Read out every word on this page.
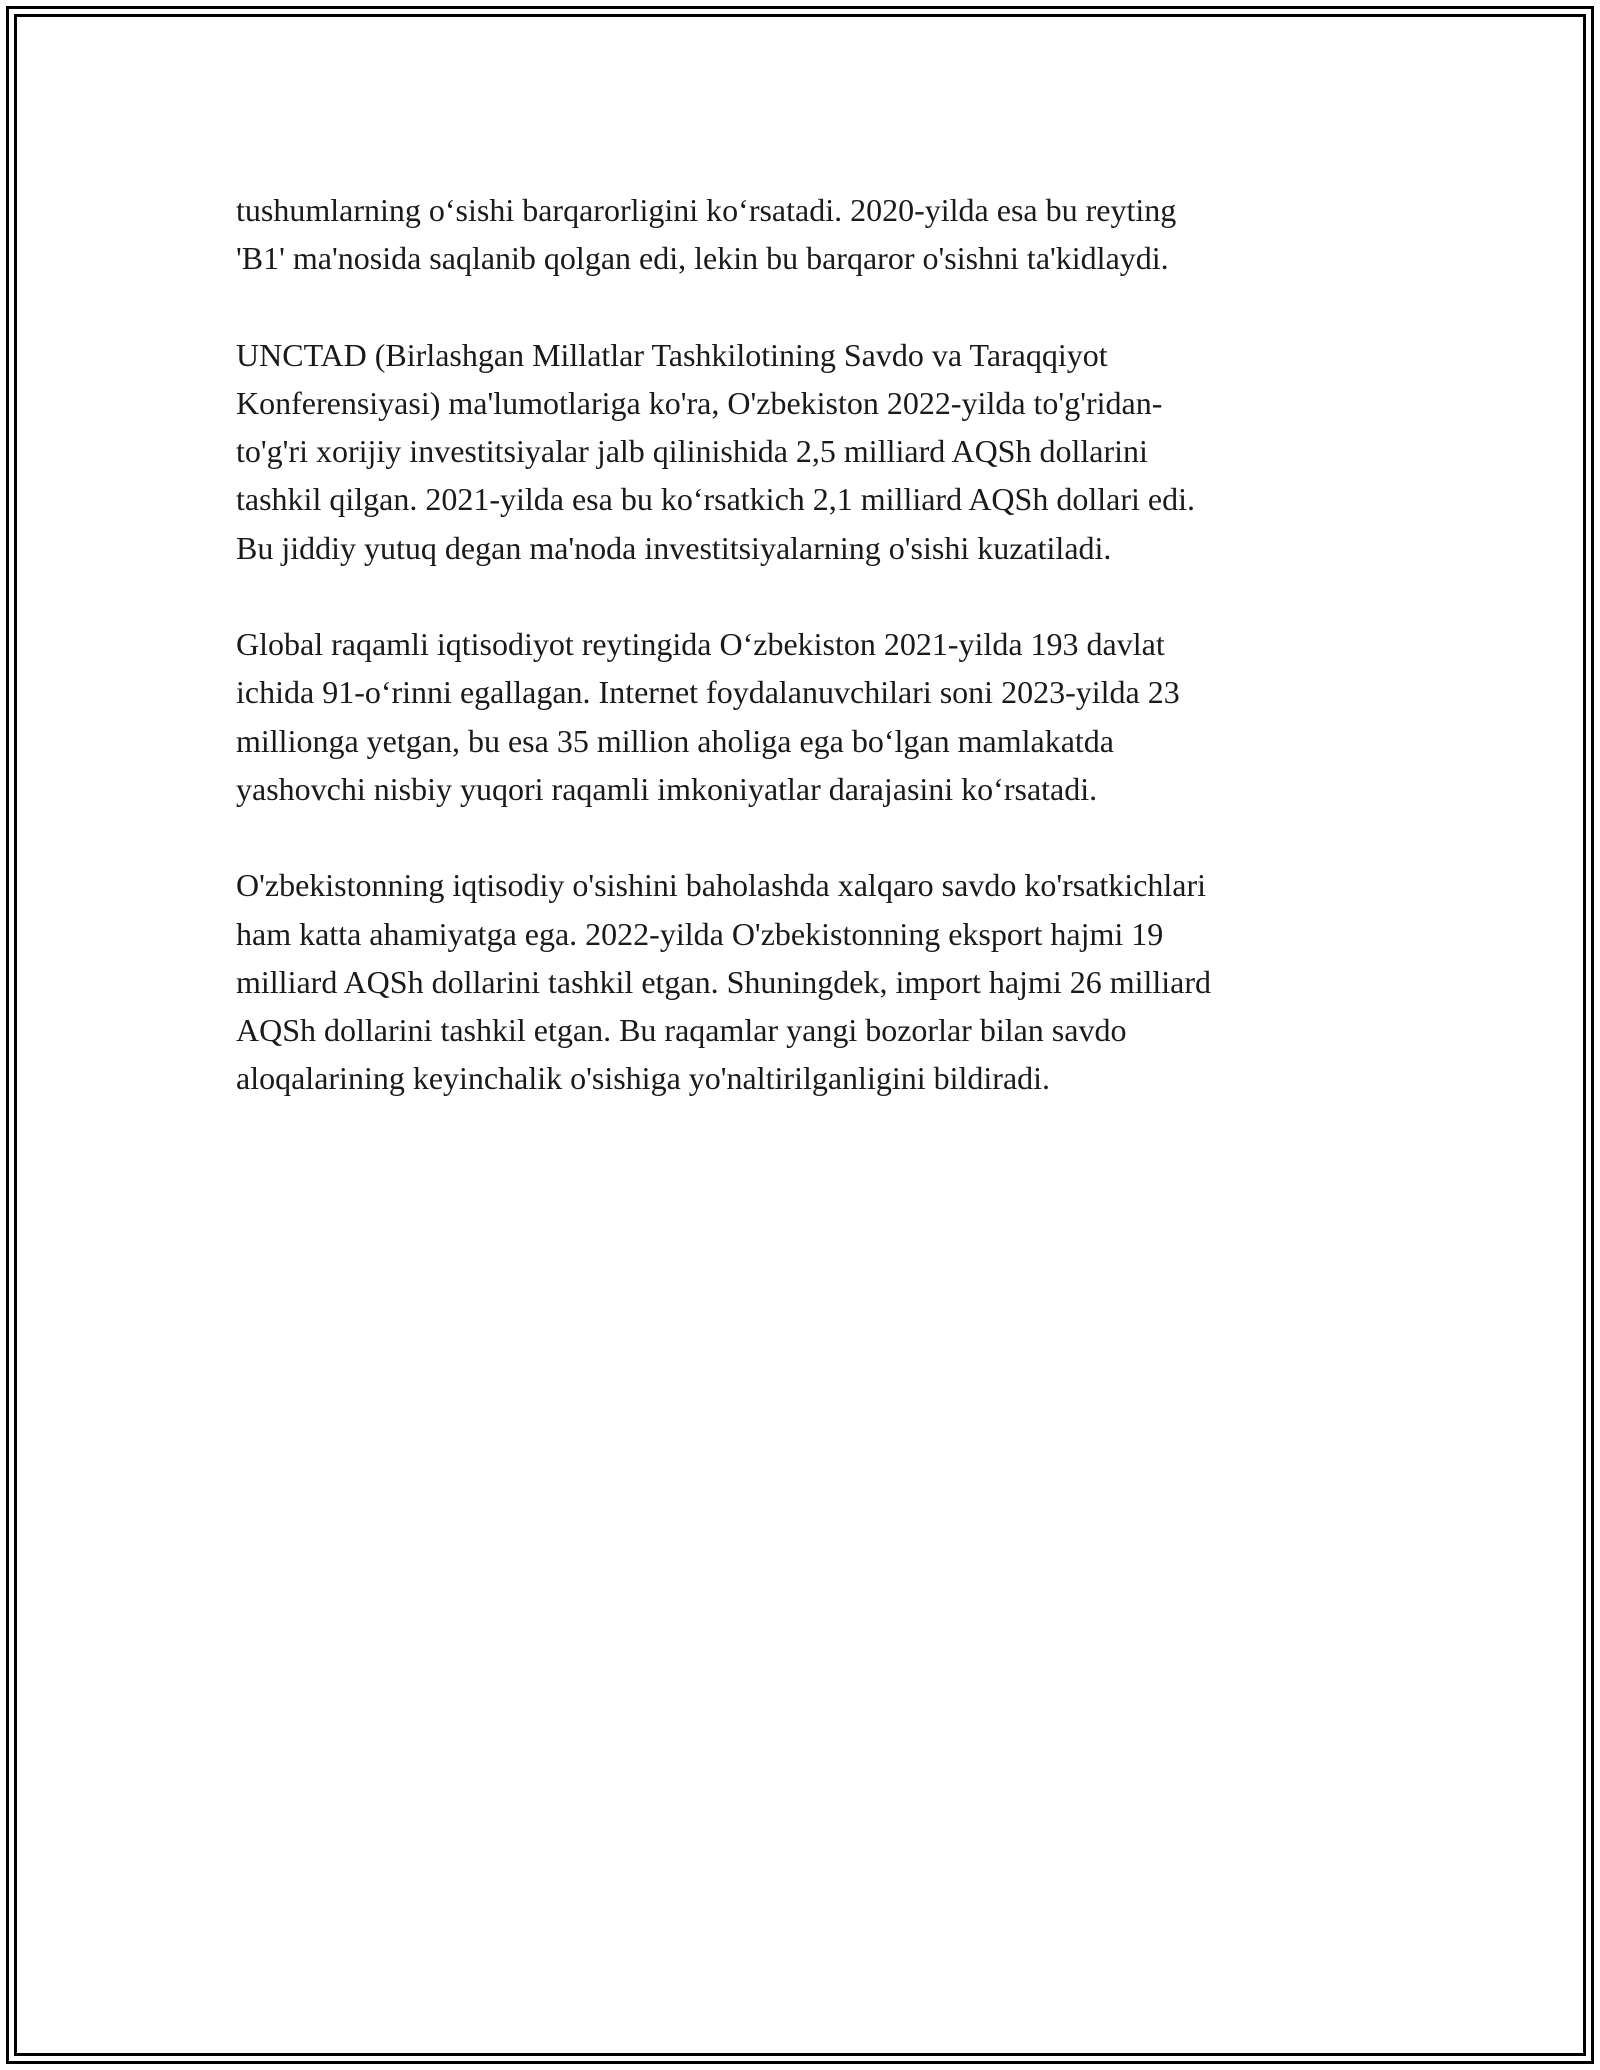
tushumlarning o‘sishi barqarorligini ko‘rsatadi. 2020-yilda esa bu reyting
'B1' ma'nosida saqlanib qolgan edi, lekin bu barqaror o'sishni ta'kidlaydi.

UNCTAD (Birlashgan Millatlar Tashkilotining Savdo va Taraqqiyot
Konferensiyasi) ma'lumotlariga ko'ra, O'zbekiston 2022-yilda to'g'ridan-
to'g'ri xorijiy investitsiyalar jalb qilinishida 2,5 milliard AQSh dollarini
tashkil qilgan. 2021-yilda esa bu ko‘rsatkich 2,1 milliard AQSh dollari edi.
Bu jiddiy yutuq degan ma'noda investitsiyalarning o'sishi kuzatiladi.

Global raqamli iqtisodiyot reytingida O‘zbekiston 2021-yilda 193 davlat
ichida 91-o‘rinni egallagan. Internet foydalanuvchilari soni 2023-yilda 23
millionga yetgan, bu esa 35 million aholiga ega bo‘lgan mamlakatda
yashovchi nisbiy yuqori raqamli imkoniyatlar darajasini ko‘rsatadi.

O'zbekistonning iqtisodiy o'sishini baholashda xalqaro savdo ko'rsatkichlari
ham katta ahamiyatga ega. 2022-yilda O'zbekistonning eksport hajmi 19
milliard AQSh dollarini tashkil etgan. Shuningdek, import hajmi 26 milliard
AQSh dollarini tashkil etgan. Bu raqamlar yangi bozorlar bilan savdo
aloqalarining keyinchalik o'sishiga yo'naltirilganligini bildiradi.
